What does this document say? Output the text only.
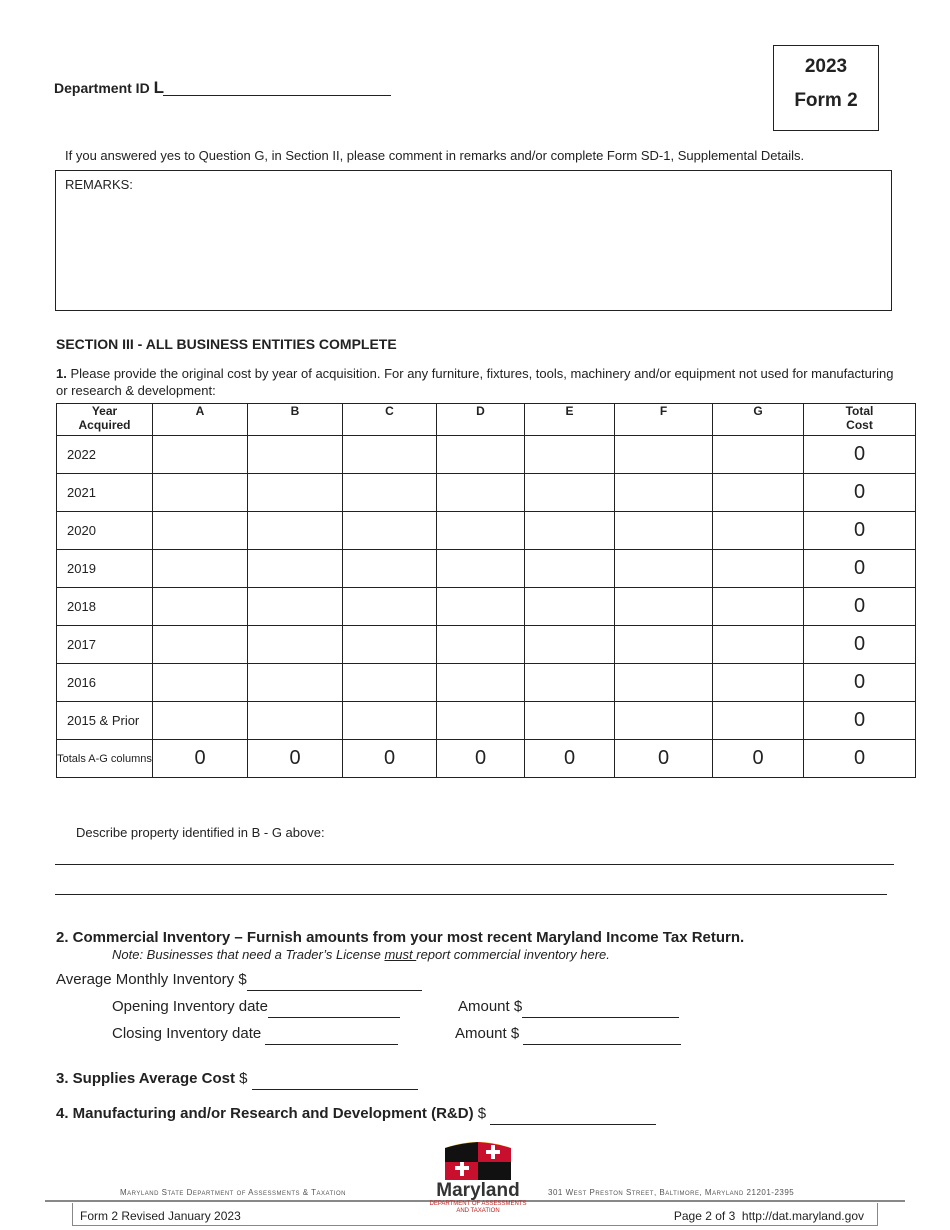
Department ID L
2023
Form 2
If you answered yes to Question G, in Section II, please comment in remarks and/or complete Form SD-1, Supplemental Details.
REMARKS:
SECTION III - ALL BUSINESS ENTITIES COMPLETE
1. Please provide the original cost by year of acquisition. For any furniture, fixtures, tools, machinery and/or equipment not used for manufacturing or research & development:
Year
Acquired	A	B	C	D	E	F	G	Total
Cost
2022								0
2021								0
2020								0
2019								0
2018								0
2017								0
2016								0
2015 & Prior								0
Totals A-G columns	0	0	0	0	0	0	0	0
Describe property identified in B - G above:
2. Commercial Inventory – Furnish amounts from your most recent Maryland Income Tax Return.
Note: Businesses that need a Trader’s License must report commercial inventory here.
Average Monthly Inventory $
Opening Inventory date	Amount $
Closing Inventory date	Amount $
3. Supplies Average Cost $
4. Manufacturing and/or Research and Development (R&D) $
Maryland State Department of Assessments & Taxation	301 West Preston Street, Baltimore, Maryland 21201-2395
Form 2 Revised January 2023	Page 2 of 3 http://dat.maryland.gov
Maryland
DEPARTMENT OF ASSESSMENTS AND TAXATION
